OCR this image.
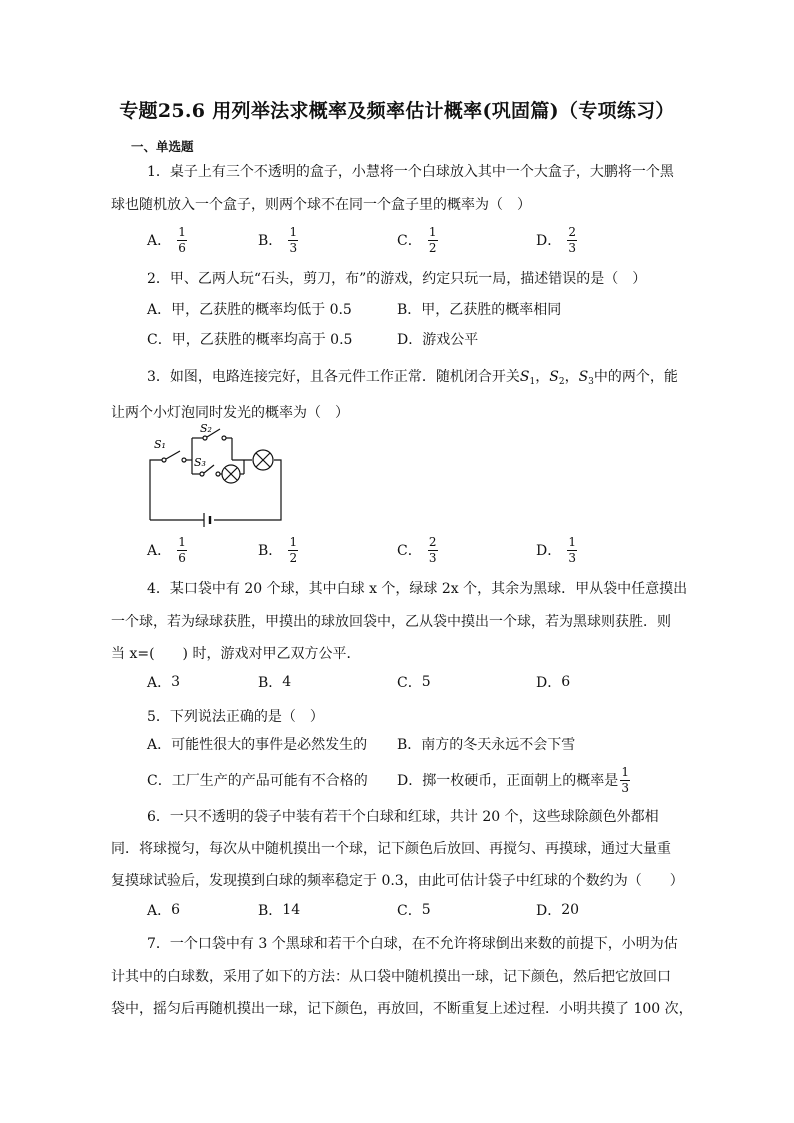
专题25.6 用列举法求概率及频率估计概率(巩固篇)（专项练习）
一、单选题
1．桌子上有三个不透明的盒子，小慧将一个白球放入其中一个大盒子，大鹏将一个黑
球也随机放入一个盒子，则两个球不在同一个盒子里的概率为（　）
A． $\frac{1}{6}$	B． $\frac{1}{3}$	C． $\frac{1}{2}$	D． $\frac{2}{3}$
2．甲、乙两人玩“石头，剪刀，布”的游戏，约定只玩一局，描述错误的是（　）
A． 甲，乙获胜的概率均低于 0.5	B． 甲，乙获胜的概率相同
C． 甲，乙获胜的概率均高于 0.5	D． 游戏公平
3．如图，电路连接完好，且各元件工作正常．随机闭合开关$S_1$，$S_2$，$S_3$中的两个，能
让两个小灯泡同时发光的概率为（　）
S₁
S₂
S₃
A． $\frac{1}{6}$	B． $\frac{1}{2}$	C． $\frac{2}{3}$	D． $\frac{1}{3}$
4．某口袋中有 20 个球，其中白球 x 个，绿球 2x 个，其余为黑球．甲从袋中任意摸出
一个球，若为绿球获胜，甲摸出的球放回袋中，乙从袋中摸出一个球，若为黑球则获胜．则
当 x=(　　) 时，游戏对甲乙双方公平．
A． 3	B． 4	C． 5	D． 6
5．下列说法正确的是（　）
A． 可能性很大的事件是必然发生的 B． 南方的冬天永远不会下雪
C． 工厂生产的产品可能有不合格的 D． 掷一枚硬币，正面朝上的概率是 $\frac{1}{3}$
6．一只不透明的袋子中装有若干个白球和红球，共计 20 个，这些球除颜色外都相
同．将球搅匀，每次从中随机摸出一个球，记下颜色后放回、再搅匀、再摸球，通过大量重
复摸球试验后，发现摸到白球的频率稳定于 0.3，由此可估计袋子中红球的个数约为（　　）
A． 6	B． 14	C． 5	D． 20
7．一个口袋中有 3 个黑球和若干个白球，在不允许将球倒出来数的前提下，小明为估
计其中的白球数，采用了如下的方法：从口袋中随机摸出一球，记下颜色，然后把它放回口
袋中，摇匀后再随机摸出一球，记下颜色，再放回，不断重复上述过程．小明共摸了 100 次，
